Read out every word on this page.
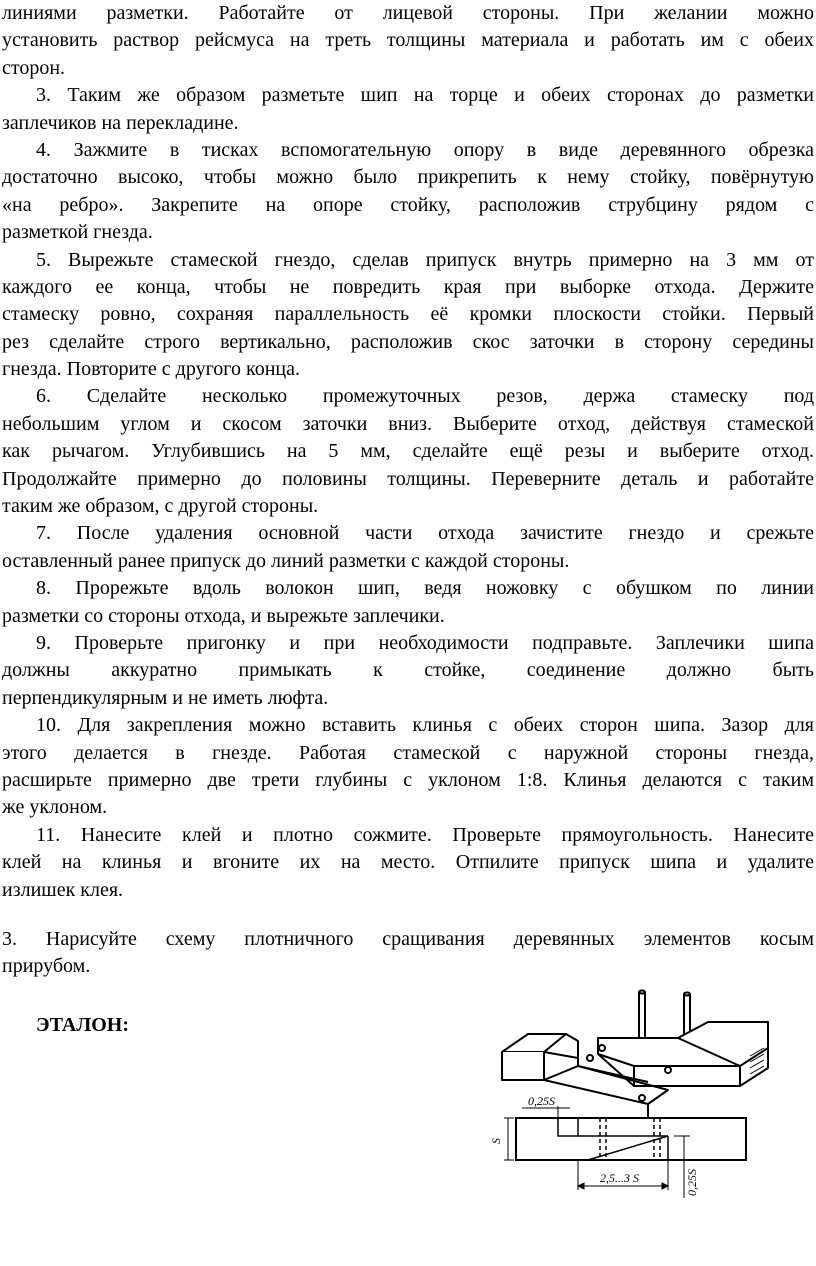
линиями разметки. Работайте от лицевой стороны. При желании можно
установить раствор рейсмуса на треть толщины материала и работать им с обеих
сторон.
3. Таким же образом разметьте шип на торце и обеих сторонах до разметки
заплечиков на перекладине.
4. Зажмите в тисках вспомогательную опору в виде деревянного обрезка
достаточно высоко, чтобы можно было прикрепить к нему стойку, повёрнутую
«на ребро». Закрепите на опоре стойку, расположив струбцину рядом с
разметкой гнезда.
5. Вырежьте стамеской гнездо, сделав припуск внутрь примерно на 3 мм от
каждого ее конца, чтобы не повредить края при выборке отхода. Держите
стамеску ровно, сохраняя параллельность её кромки плоскости стойки. Первый
рез сделайте строго вертикально, расположив скос заточки в сторону середины
гнезда. Повторите с другого конца.
6. Сделайте несколько промежуточных резов, держа стамеску под
небольшим углом и скосом заточки вниз. Выберите отход, действуя стамеской
как рычагом. Углубившись на 5 мм, сделайте ещё резы и выберите отход.
Продолжайте примерно до половины толщины. Переверните деталь и работайте
таким же образом, с другой стороны.
7. После удаления основной части отхода зачистите гнездо и срежьте
оставленный ранее припуск до линий разметки с каждой стороны.
8. Прорежьте вдоль волокон шип, ведя ножовку с обушком по линии
разметки со стороны отхода, и вырежьте заплечики.
9. Проверьте пригонку и при необходимости подправьте. Заплечики шипа
должны аккуратно примыкать к стойке, соединение должно быть
перпендикулярным и не иметь люфта.
10. Для закрепления можно вставить клинья с обеих сторон шипа. Зазор для
этого делается в гнезде. Работая стамеской с наружной стороны гнезда,
расширьте примерно две трети глубины с уклоном 1:8. Клинья делаются с таким
же уклоном.
11. Нанесите клей и плотно сожмите. Проверьте прямоугольность. Нанесите
клей на клинья и вгоните их на место. Отпилите припуск шипа и удалите
излишек клея.
3. Нарисуйте схему плотничного сращивания деревянных элементов косым
прирубом.
ЭТАЛОН:
0,25S
S
2,5...3 S	0,25S
